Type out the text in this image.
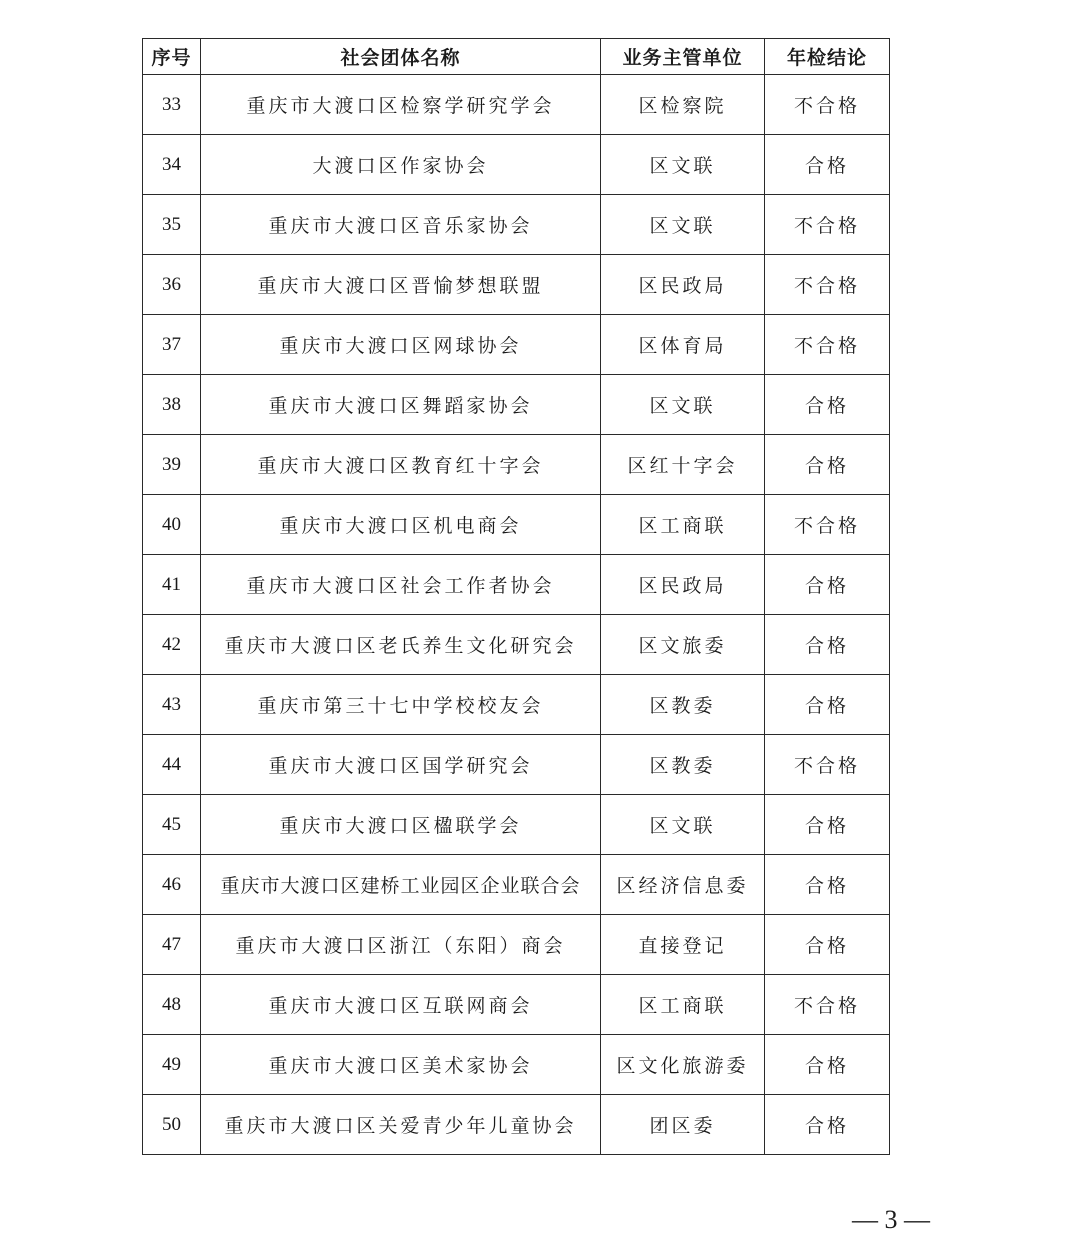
序号	社会团体名称	业务主管单位	年检结论
33	重庆市大渡口区检察学研究学会	区检察院	不合格
34	大渡口区作家协会	区文联	合格
35	重庆市大渡口区音乐家协会	区文联	不合格
36	重庆市大渡口区晋愉梦想联盟	区民政局	不合格
37	重庆市大渡口区网球协会	区体育局	不合格
38	重庆市大渡口区舞蹈家协会	区文联	合格
39	重庆市大渡口区教育红十字会	区红十字会	合格
40	重庆市大渡口区机电商会	区工商联	不合格
41	重庆市大渡口区社会工作者协会	区民政局	合格
42	重庆市大渡口区老氏养生文化研究会	区文旅委	合格
43	重庆市第三十七中学校校友会	区教委	合格
44	重庆市大渡口区国学研究会	区教委	不合格
45	重庆市大渡口区楹联学会	区文联	合格
46	重庆市大渡口区建桥工业园区企业联合会	区经济信息委	合格
47	重庆市大渡口区浙江（东阳）商会	直接登记	合格
48	重庆市大渡口区互联网商会	区工商联	不合格
49	重庆市大渡口区美术家协会	区文化旅游委	合格
50	重庆市大渡口区关爱青少年儿童协会	团区委	合格
— 3 —
